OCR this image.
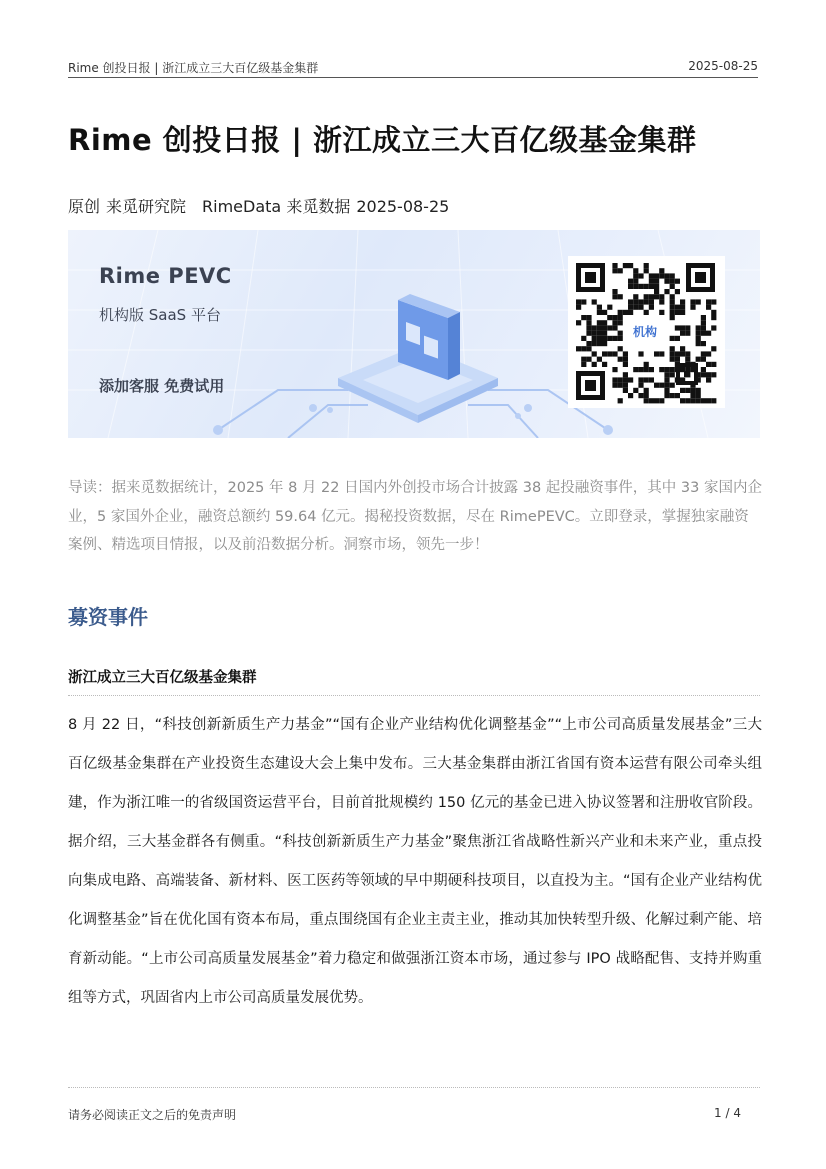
Rime 创投日报 | 浙江成立三大百亿级基金集群	2025-08-25
Rime 创投日报 | 浙江成立三大百亿级基金集群
原创 来觅研究院 RimeData 来觅数据 2025-08-25
Rime PEVC
机构版 SaaS 平台
添加客服 免费试用
机构

导读：据来觅数据统计，2025 年 8 月 22 日国内外创投市场合计披露 38 起投融资事件，其中 33 家国内企业，5 家国外企业，融资总额约 59.64 亿元。揭秘投资数据，尽在 RimePEVC。立即登录，掌握独家融资案例、精选项目情报，以及前沿数据分析。洞察市场，领先一步！

募资事件
浙江成立三大百亿级基金集群

8 月 22 日，“科技创新新质生产力基金”“国有企业产业结构优化调整基金”“上市公司高质量发展基金”三大百亿级基金集群在产业投资生态建设大会上集中发布。三大基金集群由浙江省国有资本运营有限公司牵头组建，作为浙江唯一的省级国资运营平台，目前首批规模约 150 亿元的基金已进入协议签署和注册收官阶段。据介绍，三大基金群各有侧重。“科技创新新质生产力基金”聚焦浙江省战略性新兴产业和未来产业，重点投向集成电路、高端装备、新材料、医工医药等领域的早中期硬科技项目，以直投为主。“国有企业产业结构优化调整基金”旨在优化国有资本布局，重点围绕国有企业主责主业，推动其加快转型升级、化解过剩产能、培育新动能。“上市公司高质量发展基金”着力稳定和做强浙江资本市场，通过参与 IPO 战略配售、支持并购重组等方式，巩固省内上市公司高质量发展优势。

请务必阅读正文之后的免责声明	1 / 4
